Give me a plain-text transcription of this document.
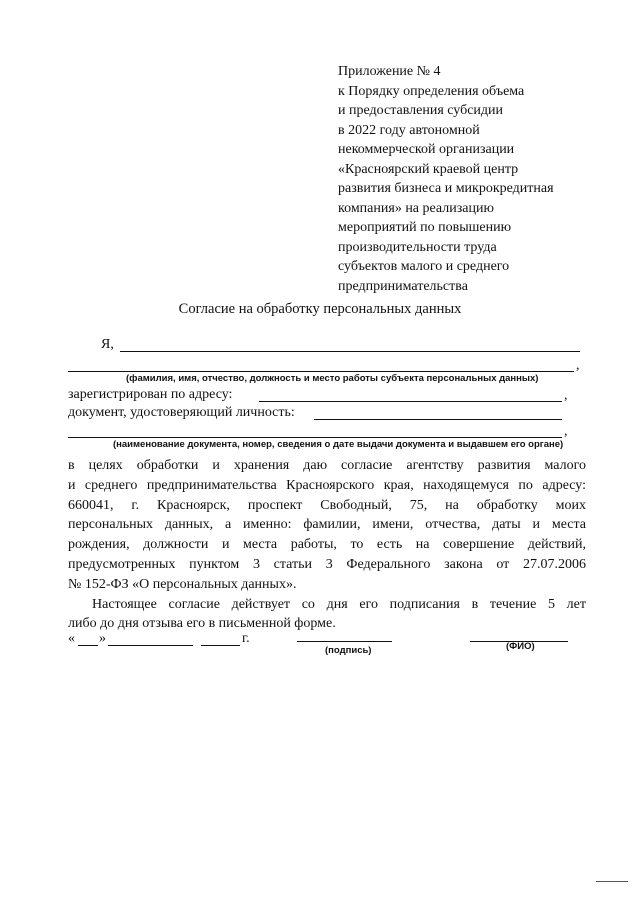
Приложение № 4
к Порядку определения объема
и предоставления субсидии
в 2022 году автономной
некоммерческой организации
«Красноярский краевой центр
развития бизнеса и микрокредитная
компания» на реализацию
мероприятий по повышению
производительности труда
субъектов малого и среднего
предпринимательства
Согласие на обработку персональных данных
Я,
,
(фамилия, имя, отчество, должность и место работы субъекта персональных данных)
зарегистрирован по адресу:	,
документ, удостоверяющий личность:
,
(наименование документа, номер, сведения о дате выдачи документа и выдавшем его органе)

в целях обработки и хранения даю согласие агентству развития малого

и среднего предпринимательства Красноярского края, находящемуся по адресу:

660041, г. Красноярск, проспект Свободный, 75, на обработку моих

персональных данных, а именно: фамилии, имени, отчества, даты и места

рождения, должности и места работы, то есть на совершение действий,

предусмотренных пунктом 3 статьи 3 Федерального закона от 27.07.2006

№ 152-ФЗ «О персональных данных».

Настоящее согласие действует со дня его подписания в течение 5 лет

либо до дня отзыва его в письменной форме.

« »	г.
(подпись)	(ФИО)
